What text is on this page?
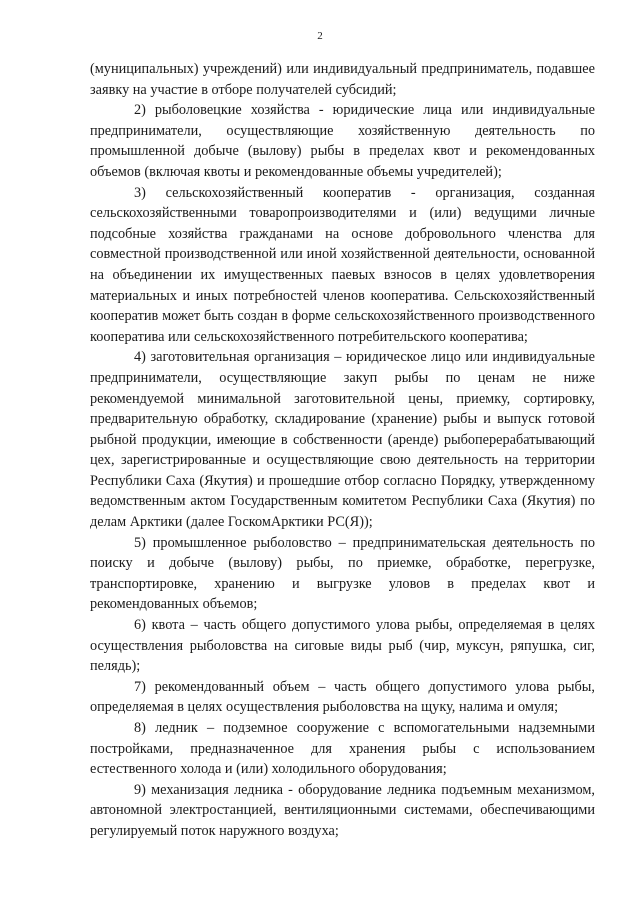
2

(муниципальных) учреждений) или индивидуальный предприниматель, подавшее заявку на участие в отборе получателей субсидий;

2) рыболовецкие хозяйства - юридические лица или индивидуальные предприниматели, осуществляющие хозяйственную деятельность по промышленной добыче (вылову) рыбы в пределах квот и рекомендованных объемов (включая квоты и рекомендованные объемы учредителей);

3) сельскохозяйственный кооператив - организация, созданная сельскохозяйственными товаропроизводителями и (или) ведущими личные подсобные хозяйства гражданами на основе добровольного членства для совместной производственной или иной хозяйственной деятельности, основанной на объединении их имущественных паевых взносов в целях удовлетворения материальных и иных потребностей членов кооператива. Сельскохозяйственный кооператив может быть создан в форме сельскохозяйственного производственного кооператива или сельскохозяйственного потребительского кооператива;

4) заготовительная организация – юридическое лицо или индивидуальные предприниматели, осуществляющие закуп рыбы по ценам не ниже рекомендуемой минимальной заготовительной цены, приемку, сортировку, предварительную обработку, складирование (хранение) рыбы и выпуск готовой рыбной продукции, имеющие в собственности (аренде) рыбоперерабатывающий цех, зарегистрированные и осуществляющие свою деятельность на территории Республики Саха (Якутия) и прошедшие отбор согласно Порядку, утвержденному ведомственным актом Государственным комитетом Республики Саха (Якутия) по делам Арктики (далее ГоскомАрктики РС(Я));

5) промышленное рыболовство – предпринимательская деятельность по поиску и добыче (вылову) рыбы, по приемке, обработке, перегрузке, транспортировке, хранению и выгрузке уловов в пределах квот и рекомендованных объемов;

6) квота – часть общего допустимого улова рыбы, определяемая в целях осуществления рыболовства на сиговые виды рыб (чир, муксун, ряпушка, сиг, пелядь);

7) рекомендованный объем – часть общего допустимого улова рыбы, определяемая в целях осуществления рыболовства на щуку, налима и омуля;

8) ледник – подземное сооружение с вспомогательными надземными постройками, предназначенное для хранения рыбы с использованием естественного холода и (или) холодильного оборудования;

9) механизация ледника - оборудование ледника подъемным механизмом, автономной электростанцией, вентиляционными системами, обеспечивающими регулируемый поток наружного воздуха;
